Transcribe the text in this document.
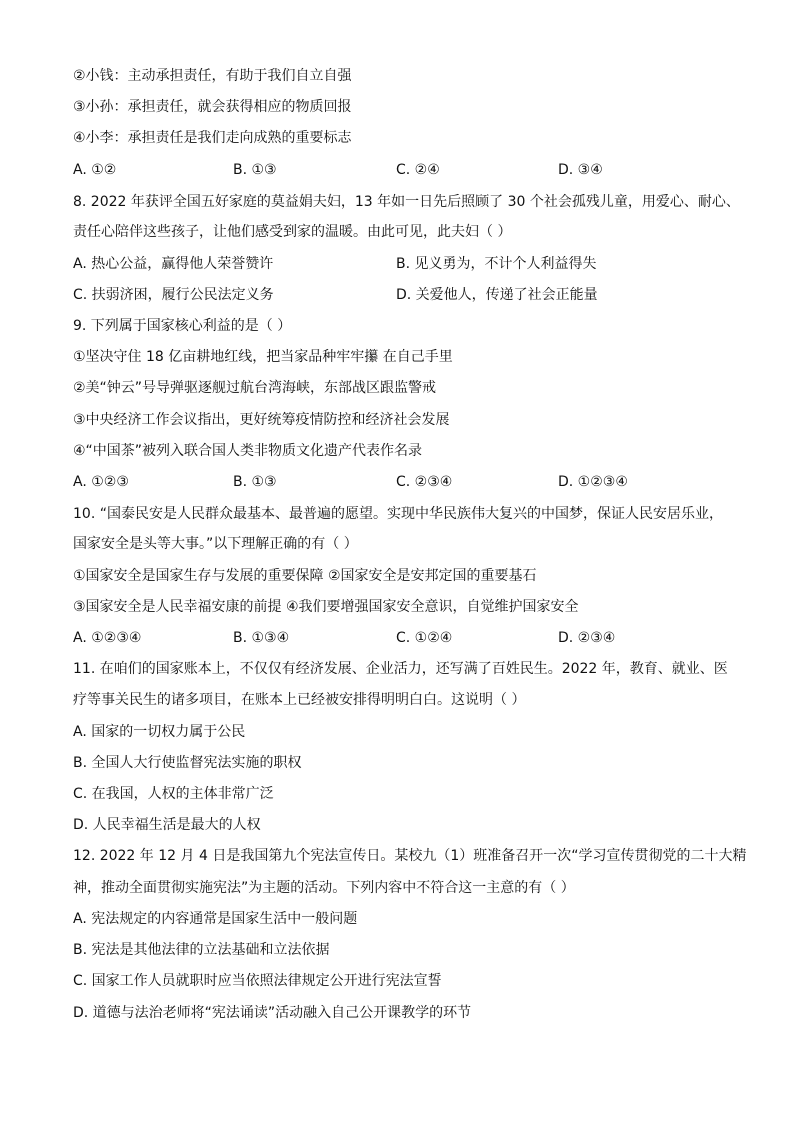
②小钱：主动承担责任，有助于我们自立自强
③小孙：承担责任，就会获得相应的物质回报
④小李：承担责任是我们走向成熟的重要标志
A. ①②	B. ①③	C. ②④	D. ③④
8. 2022 年获评全国五好家庭的莫益娟夫妇，13 年如一日先后照顾了 30 个社会孤残儿童，用爱心、耐心、
责任心陪伴这些孩子，让他们感受到家的温暖。由此可见，此夫妇（ ）
A. 热心公益，赢得他人荣誉赞许	B. 见义勇为，不计个人利益得失
C. 扶弱济困，履行公民法定义务	D. 关爱他人，传递了社会正能量
9. 下列属于国家核心利益的是（ ）
①坚决守住 18 亿亩耕地红线，把当家品种牢牢攥 在自己手里
②美“钟云”号导弹驱逐舰过航台湾海峡，东部战区跟监警戒
③中央经济工作会议指出，更好统筹疫情防控和经济社会发展
④“中国茶”被列入联合国人类非物质文化遗产代表作名录
A. ①②③	B. ①③	C. ②③④	D. ①②③④
10. “国泰民安是人民群众最基本、最普遍的愿望。实现中华民族伟大复兴的中国梦，保证人民安居乐业，
国家安全是头等大事。”以下理解正确的有（ ）
①国家安全是国家生存与发展的重要保障 ②国家安全是安邦定国的重要基石
③国家安全是人民幸福安康的前提 ④我们要增强国家安全意识，自觉维护国家安全
A. ①②③④	B. ①③④	C. ①②④	D. ②③④
11. 在咱们的国家账本上，不仅仅有经济发展、企业活力，还写满了百姓民生。2022 年，教育、就业、医
疗等事关民生的诸多项目，在账本上已经被安排得明明白白。这说明（ ）
A. 国家的一切权力属于公民
B. 全国人大行使监督宪法实施的职权
C. 在我国，人权的主体非常广泛
D. 人民幸福生活是最大的人权
12. 2022 年 12 月 4 日是我国第九个宪法宣传日。某校九（1）班准备召开一次“学习宣传贯彻党的二十大精
神，推动全面贯彻实施宪法”为主题的活动。下列内容中不符合这一主意的有（ ）
A. 宪法规定的内容通常是国家生活中一般问题
B. 宪法是其他法律的立法基础和立法依据
C. 国家工作人员就职时应当依照法律规定公开进行宪法宣誓
D. 道德与法治老师将“宪法诵读”活动融入自己公开课教学的环节
